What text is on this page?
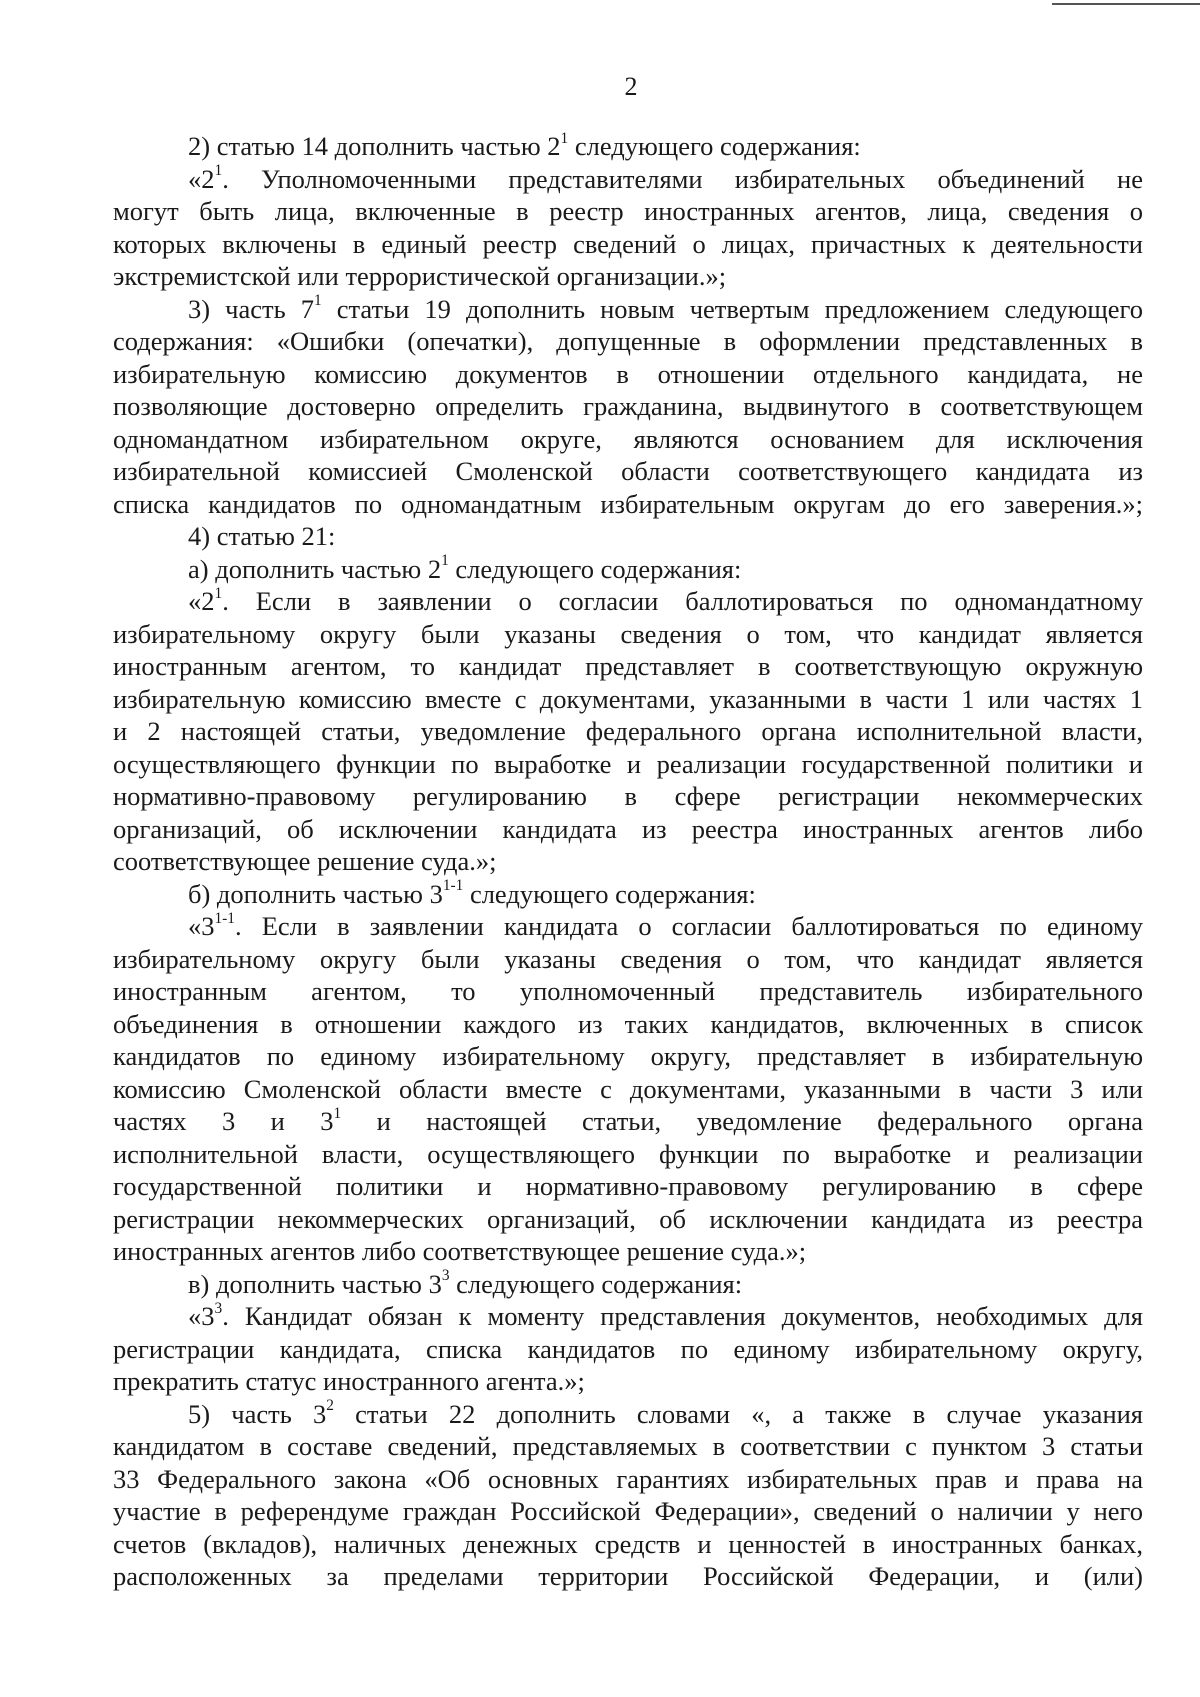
2
2) статью 14 дополнить частью $2^1$ следующего содержания:
«$2^1$. Уполномоченными представителями избирательных объединений не
могут быть лица, включенные в реестр иностранных агентов, лица, сведения о
которых включены в единый реестр сведений о лицах, причастных к деятельности
экстремистской или террористической организации.»;
3) часть $7^1$ статьи 19 дополнить новым четвертым предложением следующего
содержания: «Ошибки (опечатки), допущенные в оформлении представленных в
избирательную комиссию документов в отношении отдельного кандидата, не
позволяющие достоверно определить гражданина, выдвинутого в соответствующем
одномандатном избирательном округе, являются основанием для исключения
избирательной комиссией Смоленской области соответствующего кандидата из
списка кандидатов по одномандатным избирательным округам до его заверения.»;
4) статью 21:
а) дополнить частью $2^1$ следующего содержания:
«$2^1$. Если в заявлении о согласии баллотироваться по одномандатному
избирательному округу были указаны сведения о том, что кандидат является
иностранным агентом, то кандидат представляет в соответствующую окружную
избирательную комиссию вместе с документами, указанными в части 1 или частях 1
и 2 настоящей статьи, уведомление федерального органа исполнительной власти,
осуществляющего функции по выработке и реализации государственной политики и
нормативно-правовому регулированию в сфере регистрации некоммерческих
организаций, об исключении кандидата из реестра иностранных агентов либо
соответствующее решение суда.»;
б) дополнить частью 3$^{1-1}$ следующего содержания:
«3$^{1-1}$. Если в заявлении кандидата о согласии баллотироваться по единому
избирательному округу были указаны сведения о том, что кандидат является
иностранным агентом, то уполномоченный представитель избирательного
объединения в отношении каждого из таких кандидатов, включенных в список
кандидатов по единому избирательному округу, представляет в избирательную
комиссию Смоленской области вместе с документами, указанными в части 3 или
частях 3 и $3^1$ и настоящей статьи, уведомление федерального органа
исполнительной власти, осуществляющего функции по выработке и реализации
государственной политики и нормативно-правовому регулированию в сфере
регистрации некоммерческих организаций, об исключении кандидата из реестра
иностранных агентов либо соответствующее решение суда.»;
в) дополнить частью $3^3$ следующего содержания:
«$3^3$. Кандидат обязан к моменту представления документов, необходимых для
регистрации кандидата, списка кандидатов по единому избирательному округу,
прекратить статус иностранного агента.»;
5) часть $3^2$ статьи 22 дополнить словами «, а также в случае указания
кандидатом в составе сведений, представляемых в соответствии с пунктом 3 статьи
33 Федерального закона «Об основных гарантиях избирательных прав и права на
участие в референдуме граждан Российской Федерации», сведений о наличии у него
счетов (вкладов), наличных денежных средств и ценностей в иностранных банках,
расположенных за пределами территории Российской Федерации, и (или)
